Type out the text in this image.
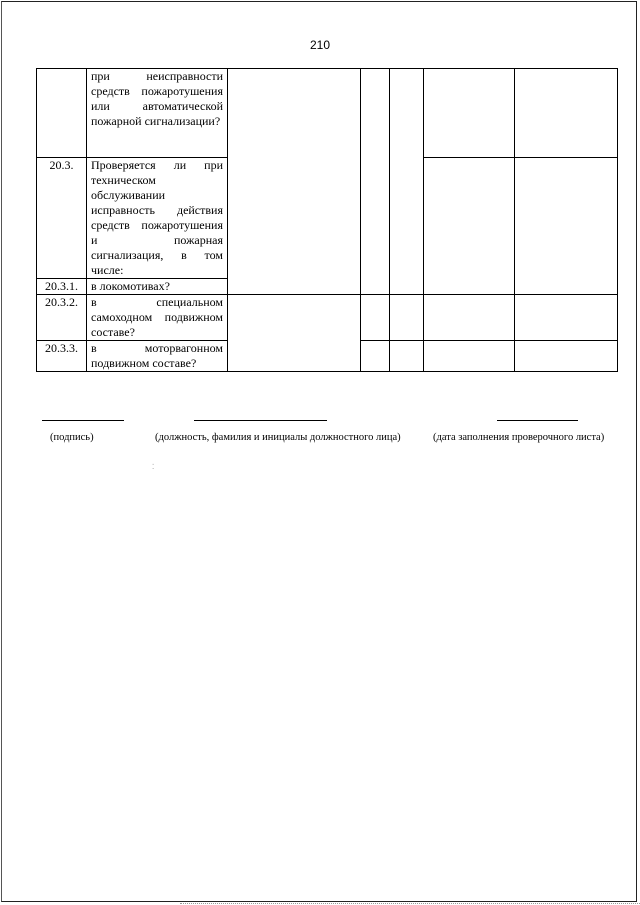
210
	при неисправности средств пожаротушения или автоматической пожарной сигнализации?					
20.3.	Проверяется ли при техническом обслуживании исправность действия средств пожаротушения и пожарная сигнализация, в том числе:					
20.3.1.	в локомотивах?					
20.3.2.	в специальном самоходном подвижном составе?					
20.3.3.	в моторвагонном подвижном составе?					
(подпись)	(должность, фамилия и инициалы должностного лица)	(дата заполнения проверочного листа)
⁚
